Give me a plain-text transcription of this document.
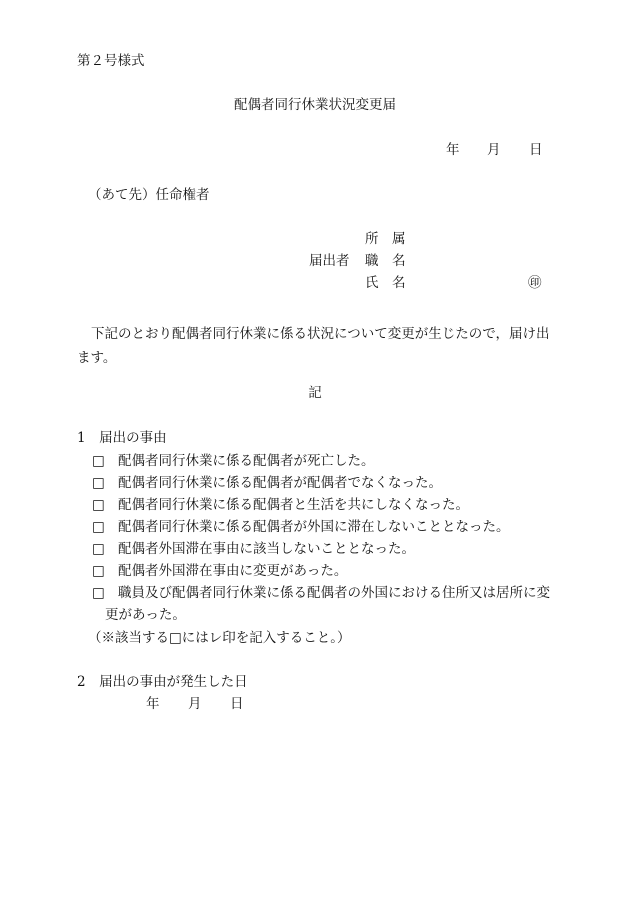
第２号様式
配偶者同行休業状況変更届
年 月 日
（あて先）任命権者
届出者
所　属
職　名
氏　名	㊞
下記のとおり配偶者同行休業に係る状況について変更が生じたので，届け出ます。
記
1　届出の事由
□ 配偶者同行休業に係る配偶者が死亡した。
□ 配偶者同行休業に係る配偶者が配偶者でなくなった。
□ 配偶者同行休業に係る配偶者と生活を共にしなくなった。
□ 配偶者同行休業に係る配偶者が外国に滞在しないこととなった。
□ 配偶者外国滞在事由に該当しないこととなった。
□ 配偶者外国滞在事由に変更があった。
□ 職員及び配偶者同行休業に係る配偶者の外国における住所又は居所に変
更があった。
（※該当する□にはレ印を記入すること。）
2　届出の事由が発生した日
年 月 日
